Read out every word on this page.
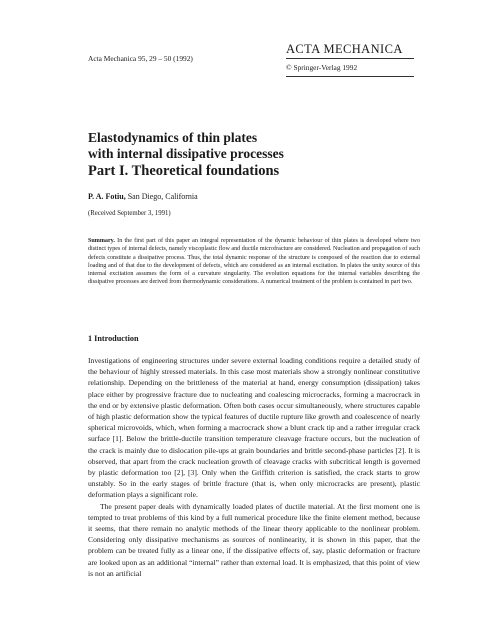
Acta Mechanica 95, 29 – 50 (1992)
ACTA MECHANICA
© Springer-Verlag 1992
Elastodynamics of thin plates
with internal dissipative processes
Part I. Theoretical foundations
P. A. Fotiu, San Diego, California
(Received September 3, 1991)
Summary. In the first part of this paper an integral representation of the dynamic behaviour of thin plates is developed where two distinct types of internal defects, namely viscoplastic flow and ductile microfracture are considered. Nucleation and propagation of such defects constitute a dissipative process. Thus, the total dynamic response of the structure is composed of the reaction due to external loading and of that due to the development of defects, which are considered as an internal excitation. In plates the unity source of this internal excitation assumes the form of a curvature singularity. The evolution equations for the internal variables describing the dissipative processes are derived from thermodynamic considerations. A numerical treatment of the problem is contained in part two.
1 Introduction

Investigations of engineering structures under severe external loading conditions require a detailed study of the behaviour of highly stressed materials. In this case most materials show a strongly nonlinear constitutive relationship. Depending on the brittleness of the material at hand, energy consumption (dissipation) takes place either by progressive fracture due to nucleating and coalescing microcracks, forming a macrocrack in the end or by extensive plastic deformation. Often both cases occur simultaneously, where structures capable of high plastic deformation show the typical features of ductile rupture like growth and coalescence of nearly spherical microvoids, which, when forming a macrocrack show a blunt crack tip and a rather irregular crack surface [1]. Below the brittle-ductile transition temperature cleavage fracture occurs, but the nucleation of the crack is mainly due to dislocation pile-ups at grain boundaries and brittle second-phase particles [2]. It is observed, that apart from the crack nucleation growth of cleavage cracks with subcritical length is governed by plastic deformation too [2], [3]. Only when the Griffith criterion is satisfied, the crack starts to grow unstably. So in the early stages of brittle fracture (that is, when only microcracks are present), plastic deformation plays a significant role.

The present paper deals with dynamically loaded plates of ductile material. At the first moment one is tempted to treat problems of this kind by a full numerical procedure like the finite element method, because it seems, that there remain no analytic methods of the linear theory applicable to the nonlinear problem. Considering only dissipative mechanisms as sources of nonlinearity, it is shown in this paper, that the problem can be treated fully as a linear one, if the dissipative effects of, say, plastic deformation or fracture are looked upon as an additional “internal” rather than external load. It is emphasized, that this point of view is not an artificial
